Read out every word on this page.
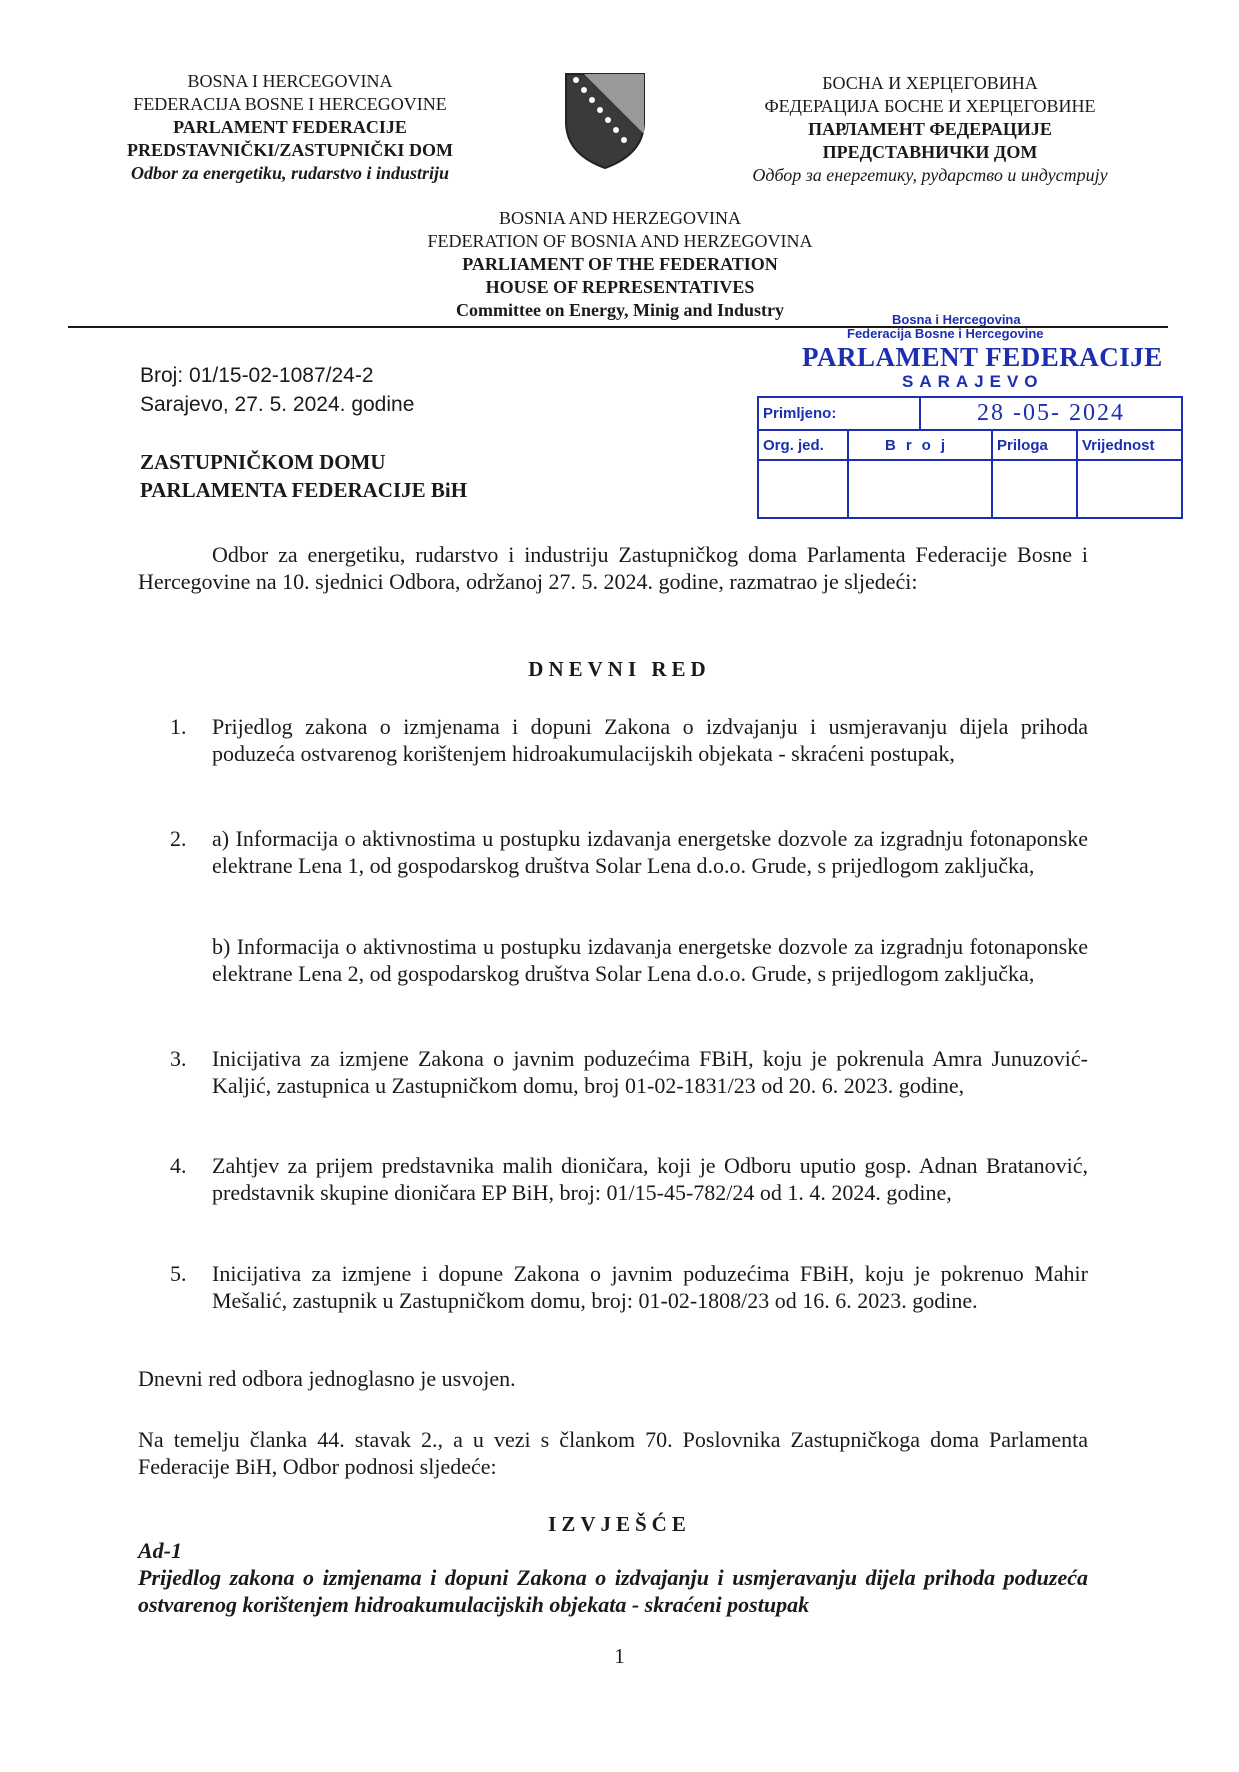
BOSNA I HERCEGOVINA
FEDERACIJA BOSNE I HERCEGOVINE
PARLAMENT FEDERACIJE
PREDSTAVNIČKI/ZASTUPNIČKI DOM
Odbor za energetiku, rudarstvo i industriju
БОСНА И ХЕРЦЕГОВИНА
ФЕДЕРАЦИЈА БОСНЕ И ХЕРЦЕГОВИНЕ
ПАРЛАМЕНТ ФЕДЕРАЦИЈЕ
ПРЕДСТАВНИЧКИ ДОМ
Одбор за енергетику, рударство и индустрију
BOSNIA AND HERZEGOVINA
FEDERATION OF BOSNIA AND HERZEGOVINA
PARLIAMENT OF THE FEDERATION
HOUSE OF REPRESENTATIVES
Committee on Energy, Minig and Industry	Bosna i Hercegovina
Federacija Bosne i Hercegovine
PARLAMENT FEDERACIJE
SARAJEVO
Primljeno:		28 -05- 2024		
Org. jed.	Broj		Priloga	Vrijednost

Broj: 01/15-02-1087/24-2
Sarajevo, 27. 5. 2024. godine
ZASTUPNIČKOM DOMU
PARLAMENTA FEDERACIJE BiH
Odbor za energetiku, rudarstvo i industriju Zastupničkog doma Parlamenta Federacije Bosne i Hercegovine na 10. sjednici Odbora, održanoj 27. 5. 2024. godine, razmatrao je sljedeći:
DNEVNI RED
1. Prijedlog zakona o izmjenama i dopuni Zakona o izdvajanju i usmjeravanju dijela prihoda poduzeća ostvarenog korištenjem hidroakumulacijskih objekata - skraćeni postupak,
2. a) Informacija o aktivnostima u postupku izdavanja energetske dozvole za izgradnju fotonaponske elektrane Lena 1, od gospodarskog društva Solar Lena d.o.o. Grude, s prijedlogom zaključka,
b) Informacija o aktivnostima u postupku izdavanja energetske dozvole za izgradnju fotonaponske elektrane Lena 2, od gospodarskog društva Solar Lena d.o.o. Grude, s prijedlogom zaključka,
3. Inicijativa za izmjene Zakona o javnim poduzećima FBiH, koju je pokrenula Amra Junuzović-Kaljić, zastupnica u Zastupničkom domu, broj 01-02-1831/23 od 20. 6. 2023. godine,
4. Zahtjev za prijem predstavnika malih dioničara, koji je Odboru uputio gosp. Adnan Bratanović, predstavnik skupine dioničara EP BiH, broj: 01/15-45-782/24 od 1. 4. 2024. godine,
5. Inicijativa za izmjene i dopune Zakona o javnim poduzećima FBiH, koju je pokrenuo Mahir Mešalić, zastupnik u Zastupničkom domu, broj: 01-02-1808/23 od 16. 6. 2023. godine.
Dnevni red odbora jednoglasno je usvojen.
Na temelju članka 44. stavak 2., a u vezi s člankom 70. Poslovnika Zastupničkoga doma Parlamenta Federacije BiH, Odbor podnosi sljedeće:
IZVJEŠĆE
Ad-1
Prijedlog zakona o izmjenama i dopuni Zakona o izdvajanju i usmjeravanju dijela prihoda poduzeća ostvarenog korištenjem hidroakumulacijskih objekata - skraćeni postupak
1
